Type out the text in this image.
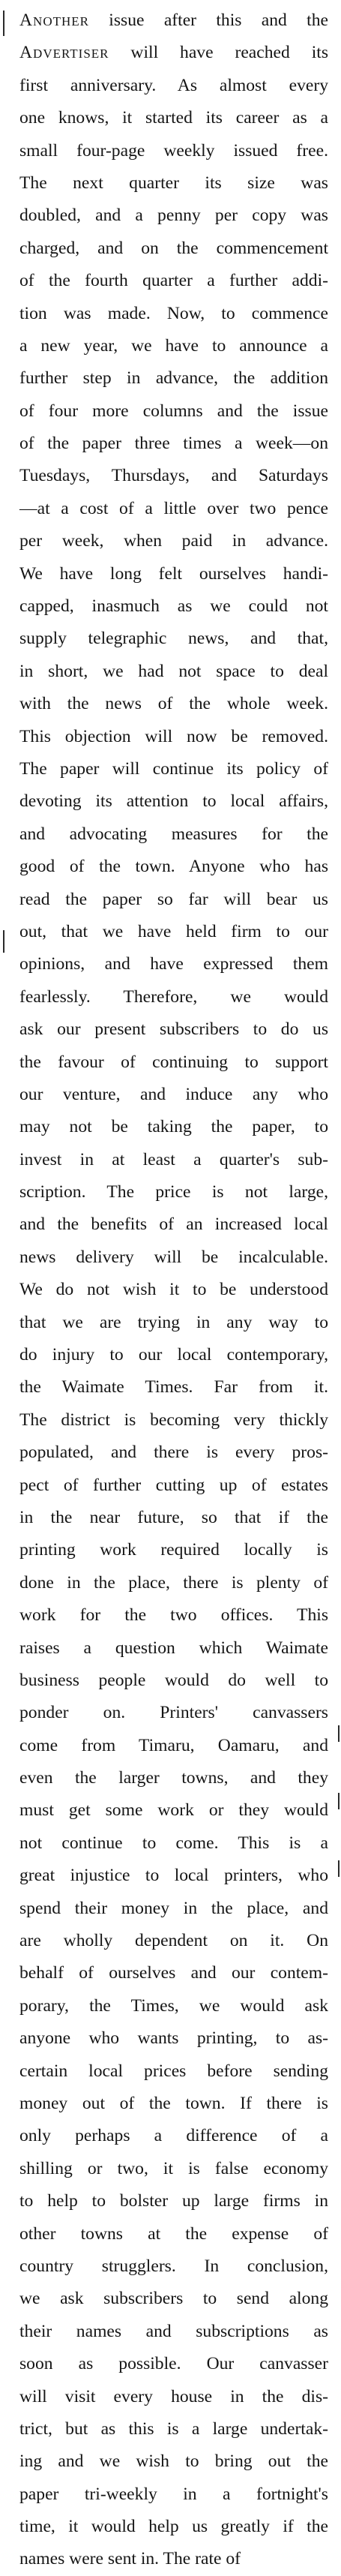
Another issue after this and the
Advertiser will have reached its
first anniversary. As almost every
one knows, it started its career as a
small four-page weekly issued free.
The next quarter its size was
doubled, and a penny per copy was
charged, and on the commencement
of the fourth quarter a further addi-
tion was made. Now, to commence
a new year, we have to announce a
further step in advance, the addition
of four more columns and the issue
of the paper three times a week—on
Tuesdays, Thursdays, and Saturdays
—at a cost of a little over two pence
per week, when paid in advance.
We have long felt ourselves handi-
capped, inasmuch as we could not
supply telegraphic news, and that,
in short, we had not space to deal
with the news of the whole week.
This objection will now be removed.
The paper will continue its policy of
devoting its attention to local affairs,
and advocating measures for the
good of the town. Anyone who has
read the paper so far will bear us
out, that we have held firm to our
opinions, and have expressed them
fearlessly. Therefore, we would
ask our present subscribers to do us
the favour of continuing to support
our venture, and induce any who
may not be taking the paper, to
invest in at least a quarter's sub-
scription. The price is not large,
and the benefits of an increased local
news delivery will be incalculable.
We do not wish it to be understood
that we are trying in any way to
do injury to our local contemporary,
the Waimate Times. Far from it.
The district is becoming very thickly
populated, and there is every pros-
pect of further cutting up of estates
in the near future, so that if the
printing work required locally is
done in the place, there is plenty of
work for the two offices. This
raises a question which Waimate
business people would do well to
ponder on. Printers' canvassers
come from Timaru, Oamaru, and
even the larger towns, and they
must get some work or they would
not continue to come. This is a
great injustice to local printers, who
spend their money in the place, and
are wholly dependent on it. On
behalf of ourselves and our contem-
porary, the Times, we would ask
anyone who wants printing, to as-
certain local prices before sending
money out of the town. If there is
only perhaps a difference of a
shilling or two, it is false economy
to help to bolster up large firms in
other towns at the expense of
country strugglers. In conclusion,
we ask subscribers to send along
their names and subscriptions as
soon as possible. Our canvasser
will visit every house in the dis-
trict, but as this is a large undertak-
ing and we wish to bring out the
paper tri-weekly in a fortnight's
time, it would help us greatly if the
names were sent in. The rate of
